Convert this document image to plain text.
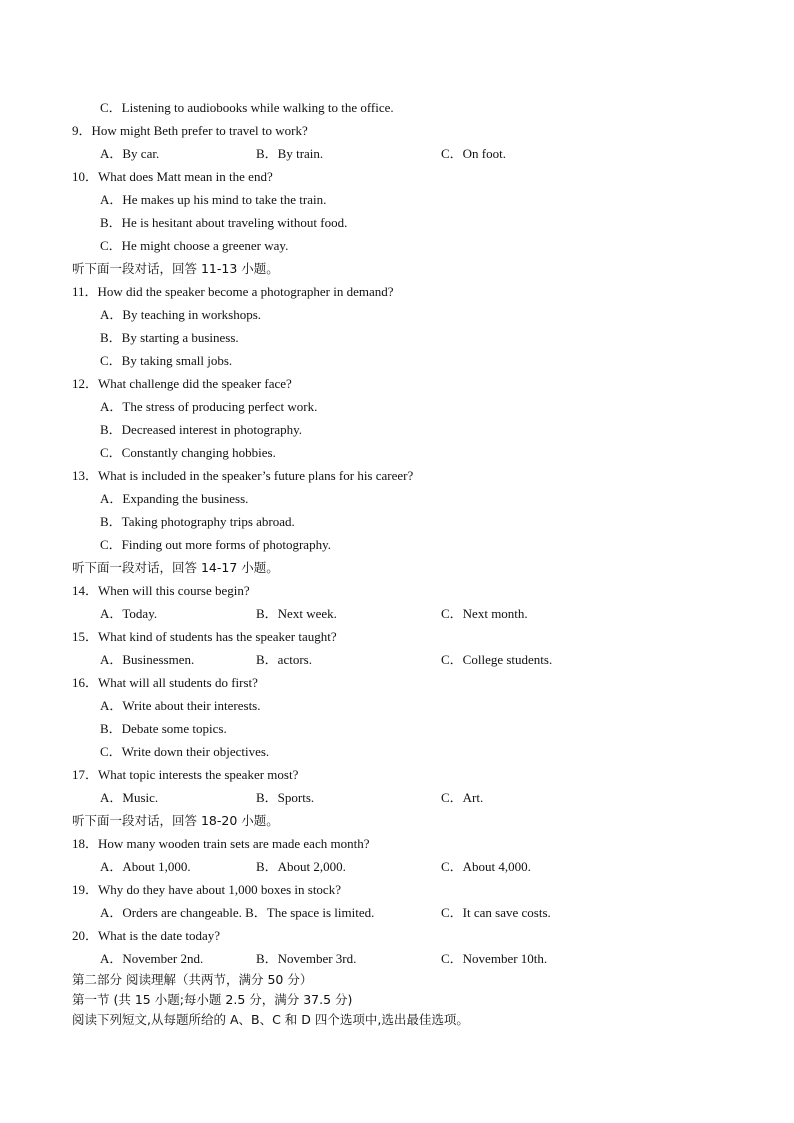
C．Listening to audiobooks while walking to the office.
9．How might Beth prefer to travel to work?
A．By car.	B．By train.	C．On foot.
10．What does Matt mean in the end?
A．He makes up his mind to take the train.
B．He is hesitant about traveling without food.
C．He might choose a greener way.
听下面一段对话，回答 11-13 小题。
11．How did the speaker become a photographer in demand?
A．By teaching in workshops.
B．By starting a business.
C．By taking small jobs.
12．What challenge did the speaker face?
A．The stress of producing perfect work.
B．Decreased interest in photography.
C．Constantly changing hobbies.
13．What is included in the speaker’s future plans for his career?
A．Expanding the business.
B．Taking photography trips abroad.
C．Finding out more forms of photography.
听下面一段对话，回答 14-17 小题。
14．When will this course begin?
A．Today.	B．Next week.	C．Next month.
15．What kind of students has the speaker taught?
A．Businessmen.	B．actors.	C．College students.
16．What will all students do first?
A．Write about their interests.
B．Debate some topics.
C．Write down their objectives.
17．What topic interests the speaker most?
A．Music.	B．Sports.	C．Art.
听下面一段对话，回答 18-20 小题。
18．How many wooden train sets are made each month?
A．About 1,000.	B．About 2,000.	C．About 4,000.
19．Why do they have about 1,000 boxes in stock?
A．Orders are changeable. B．The space is limited.	C．It can save costs.
20．What is the date today?
A．November 2nd.	B．November 3rd.	C．November 10th.
第二部分 阅读理解（共两节，满分 50 分）
第一节 (共 15 小题;每小题 2.5 分，满分 37.5 分)
阅读下列短文,从每题所给的 A、B、C 和 D 四个选项中,选出最佳选项。
